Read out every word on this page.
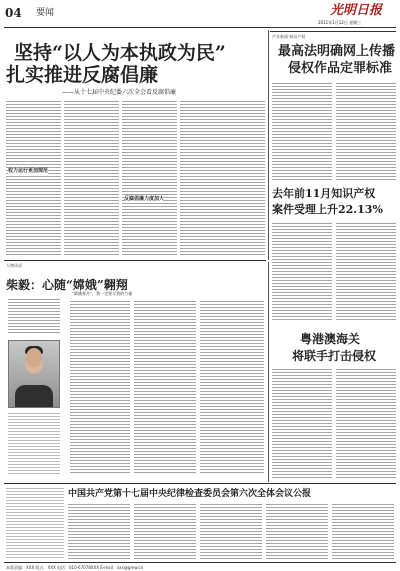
04 要闻	光明日报
2011年1月12日 星期三
坚持“以人为本执政为民”
扎实推进反腐倡廉
——从十七届中央纪委六次全会看反腐倡廉
权力运行更加规范
反腐倡廉力度加大
产业新闻·知识产权
最高法明确网上传播
侵权作品定罪标准
去年前11月知识产权
案件受理上升22.13%
粤港澳海关
将联手打击侵权
人物风采
柴毅：心随“嫦娥”翱翔
“嫦娥奔月”，我一定要尽我的力量
中国共产党第十七届中央纪律检查委员会第六次全体会议公报
本版责编：XXX 版式：XXX 电话：010-67078XXX E-mail：xxx@gmw.cn
